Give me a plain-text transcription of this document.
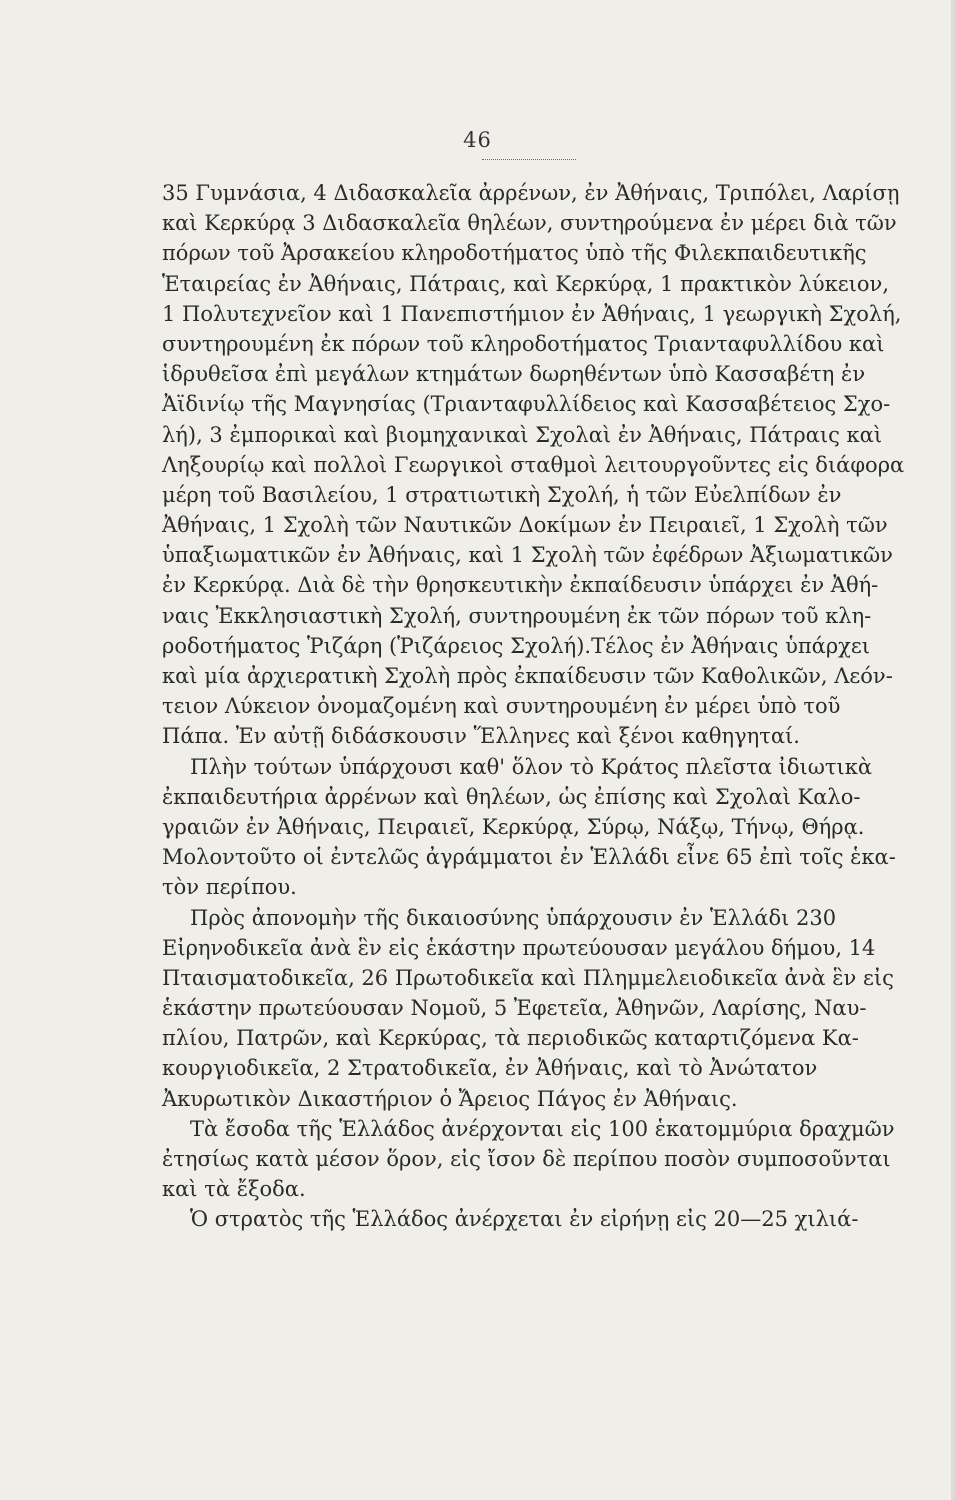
46
35 Γυμνάσια, 4 Διδασκαλεῖα ἀρρένων, ἐν Ἀθήναις, Τριπόλει, Λαρίσῃ
καὶ Κερκύρᾳ 3 Διδασκαλεῖα θηλέων, συντηρούμενα ἐν μέρει διὰ τῶν
πόρων τοῦ Ἀρσακείου κληροδοτήματος ὑπὸ τῆς Φιλεκπαιδευτικῆς
Ἑταιρείας ἐν Ἀθήναις, Πάτραις, καὶ Κερκύρᾳ, 1 πρακτικὸν λύκειον,
1 Πολυτεχνεῖον καὶ 1 Πανεπιστήμιον ἐν Ἀθήναις, 1 γεωργικὴ Σχολή,
συντηρουμένη ἐκ πόρων τοῦ κληροδοτήματος Τριανταφυλλίδου καὶ
ἱδρυθεῖσα ἐπὶ μεγάλων κτημάτων δωρηθέντων ὑπὸ Κασσαβέτη ἐν
Ἀϊδινίῳ τῆς Μαγνησίας (Τριανταφυλλίδειος καὶ Κασσαβέτειος Σχο-
λή), 3 ἐμπορικαὶ καὶ βιομηχανικαὶ Σχολαὶ ἐν Ἀθήναις, Πάτραις καὶ
Ληξουρίῳ καὶ πολλοὶ Γεωργικοὶ σταθμοὶ λειτουργοῦντες εἰς διάφορα
μέρη τοῦ Βασιλείου, 1 στρατιωτικὴ Σχολή, ἡ τῶν Εὐελπίδων ἐν
Ἀθήναις, 1 Σχολὴ τῶν Ναυτικῶν Δοκίμων ἐν Πειραιεῖ, 1 Σχολὴ τῶν
ὑπαξιωματικῶν ἐν Ἀθήναις, καὶ 1 Σχολὴ τῶν ἐφέδρων Ἀξιωματικῶν
ἐν Κερκύρᾳ. Διὰ δὲ τὴν θρησκευτικὴν ἐκπαίδευσιν ὑπάρχει ἐν Ἀθή-
ναις Ἐκκλησιαστικὴ Σχολή, συντηρουμένη ἐκ τῶν πόρων τοῦ κλη-
ροδοτήματος Ῥιζάρη (Ῥιζάρειος Σχολή).Τέλος ἐν Ἀθήναις ὑπάρχει
καὶ μία ἀρχιερατικὴ Σχολὴ πρὸς ἐκπαίδευσιν τῶν Καθολικῶν, Λεόν-
τειον Λύκειον ὀνομαζομένη καὶ συντηρουμένη ἐν μέρει ὑπὸ τοῦ
Πάπα. Ἐν αὐτῇ διδάσκουσιν Ἕλληνες καὶ ξένοι καθηγηταί.
Πλὴν τούτων ὑπάρχουσι καθ' ὅλον τὸ Κράτος πλεῖστα ἰδιωτικὰ
ἐκπαιδευτήρια ἀρρένων καὶ θηλέων, ὡς ἐπίσης καὶ Σχολαὶ Καλο-
γραιῶν ἐν Ἀθήναις, Πειραιεῖ, Κερκύρᾳ, Σύρῳ, Νάξῳ, Τήνῳ, Θήρᾳ.
Μολοντοῦτο οἱ ἐντελῶς ἀγράμματοι ἐν Ἑλλάδι εἶνε 65 ἐπὶ τοῖς ἑκα-
τὸν περίπου.
Πρὸς ἀπονομὴν τῆς δικαιοσύνης ὑπάρχουσιν ἐν Ἑλλάδι 230
Εἰρηνοδικεῖα ἀνὰ ἓν εἰς ἑκάστην πρωτεύουσαν μεγάλου δήμου, 14
Πταισματοδικεῖα, 26 Πρωτοδικεῖα καὶ Πλημμελειοδικεῖα ἀνὰ ἓν εἰς
ἑκάστην πρωτεύουσαν Νομοῦ, 5 Ἐφετεῖα, Ἀθηνῶν, Λαρίσης, Ναυ-
πλίου, Πατρῶν, καὶ Κερκύρας, τὰ περιοδικῶς καταρτιζόμενα Κα-
κουργιοδικεῖα, 2 Στρατοδικεῖα, ἐν Ἀθήναις, καὶ τὸ Ἀνώτατον
Ἀκυρωτικὸν Δικαστήριον ὁ Ἄρειος Πάγος ἐν Ἀθήναις.
Τὰ ἔσοδα τῆς Ἑλλάδος ἀνέρχονται εἰς 100 ἑκατομμύρια δραχμῶν
ἐτησίως κατὰ μέσον ὅρον, εἰς ἴσον δὲ περίπου ποσὸν συμποσοῦνται
καὶ τὰ ἔξοδα.
Ὁ στρατὸς τῆς Ἑλλάδος ἀνέρχεται ἐν εἰρήνῃ εἰς 20—25 χιλιά-
